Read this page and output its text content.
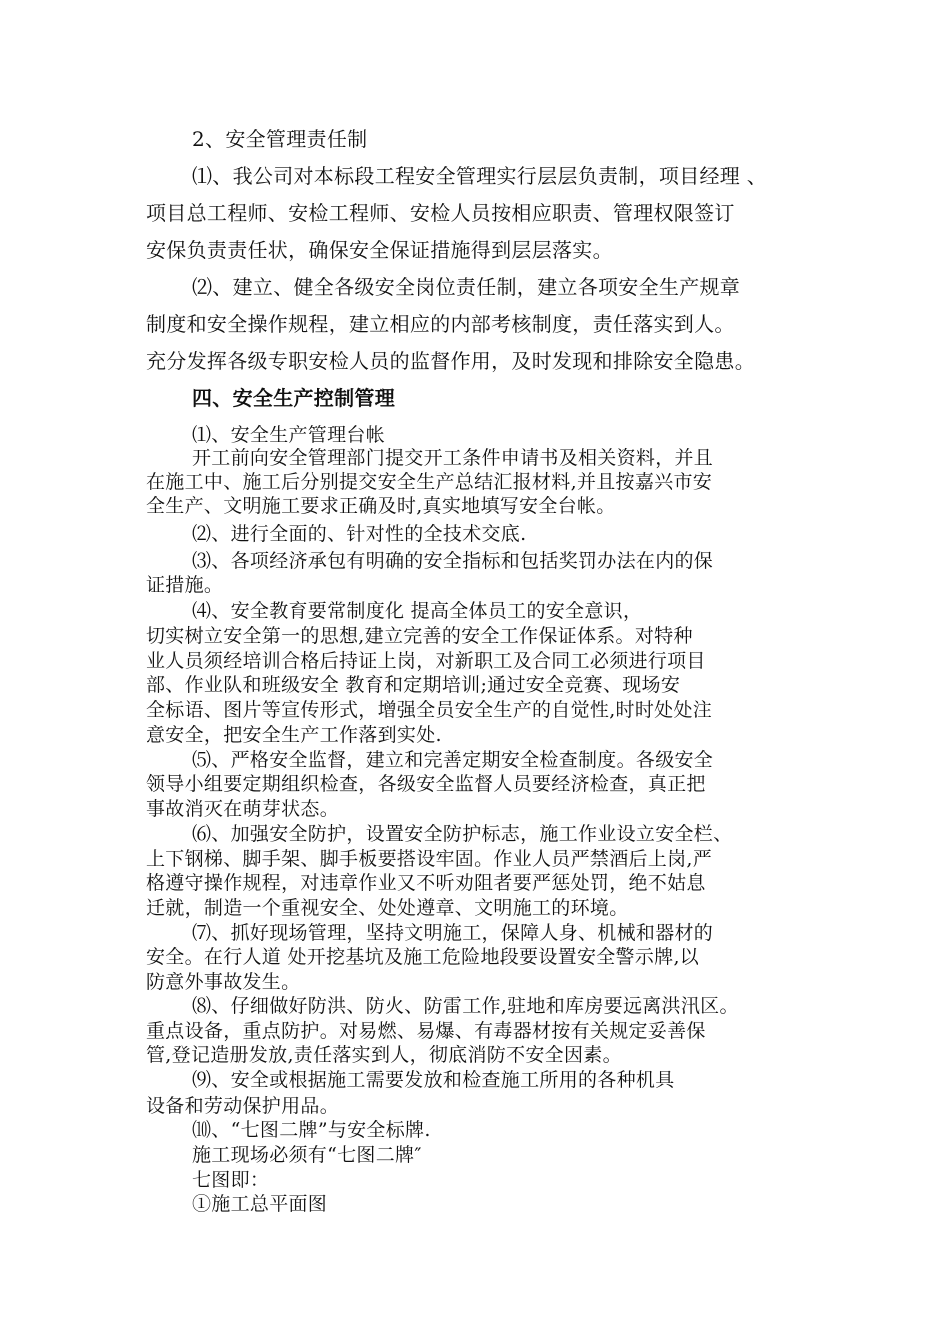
2、安全管理责任制
⑴、我公司对本标段工程安全管理实行层层负责制，项目经理 、
项目总工程师、安检工程师、安检人员按相应职责、管理权限签订
安保负责责任状，确保安全保证措施得到层层落实。
⑵、建立、健全各级安全岗位责任制，建立各项安全生产规章
制度和安全操作规程，建立相应的内部考核制度，责任落实到人。
充分发挥各级专职安检人员的监督作用，及时发现和排除安全隐患。
四、安全生产控制管理
⑴、安全生产管理台帐
开工前向安全管理部门提交开工条件申请书及相关资料，并且
在施工中、施工后分别提交安全生产总结汇报材料,并且按嘉兴市安
全生产、文明施工要求正确及时,真实地填写安全台帐。
⑵、进行全面的、针对性的全技术交底.
⑶、各项经济承包有明确的安全指标和包括奖罚办法在内的保
证措施。
⑷、安全教育要常制度化 提高全体员工的安全意识，
切实树立安全第一的思想,建立完善的安全工作保证体系。对特种
业人员须经培训合格后持证上岗，对新职工及合同工必须进行项目
部、作业队和班级安全 教育和定期培训;通过安全竞赛、现场安
全标语、图片等宣传形式，增强全员安全生产的自觉性,时时处处注
意安全，把安全生产工作落到实处.
⑸、严格安全监督，建立和完善定期安全检查制度。各级安全
领导小组要定期组织检查，各级安全监督人员要经济检查，真正把
事故消灭在萌芽状态。
⑹、加强安全防护，设置安全防护标志，施工作业设立安全栏、
上下钢梯、脚手架、脚手板要搭设牢固。作业人员严禁酒后上岗,严
格遵守操作规程，对违章作业又不听劝阻者要严惩处罚，绝不姑息
迁就，制造一个重视安全、处处遵章、文明施工的环境。
⑺、抓好现场管理，坚持文明施工，保障人身、机械和器材的
安全。在行人道 处开挖基坑及施工危险地段要设置安全警示牌,以
防意外事故发生。
⑻、仔细做好防洪、防火、防雷工作,驻地和库房要远离洪汛区。
重点设备，重点防护。对易燃、易爆、有毒器材按有关规定妥善保
管,登记造册发放,责任落实到人，彻底消防不安全因素。
⑼、安全或根据施工需要发放和检查施工所用的各种机具
设备和劳动保护用品。
⑽、“七图二牌”与安全标牌.
施工现场必须有“七图二牌″
七图即：
①施工总平面图
